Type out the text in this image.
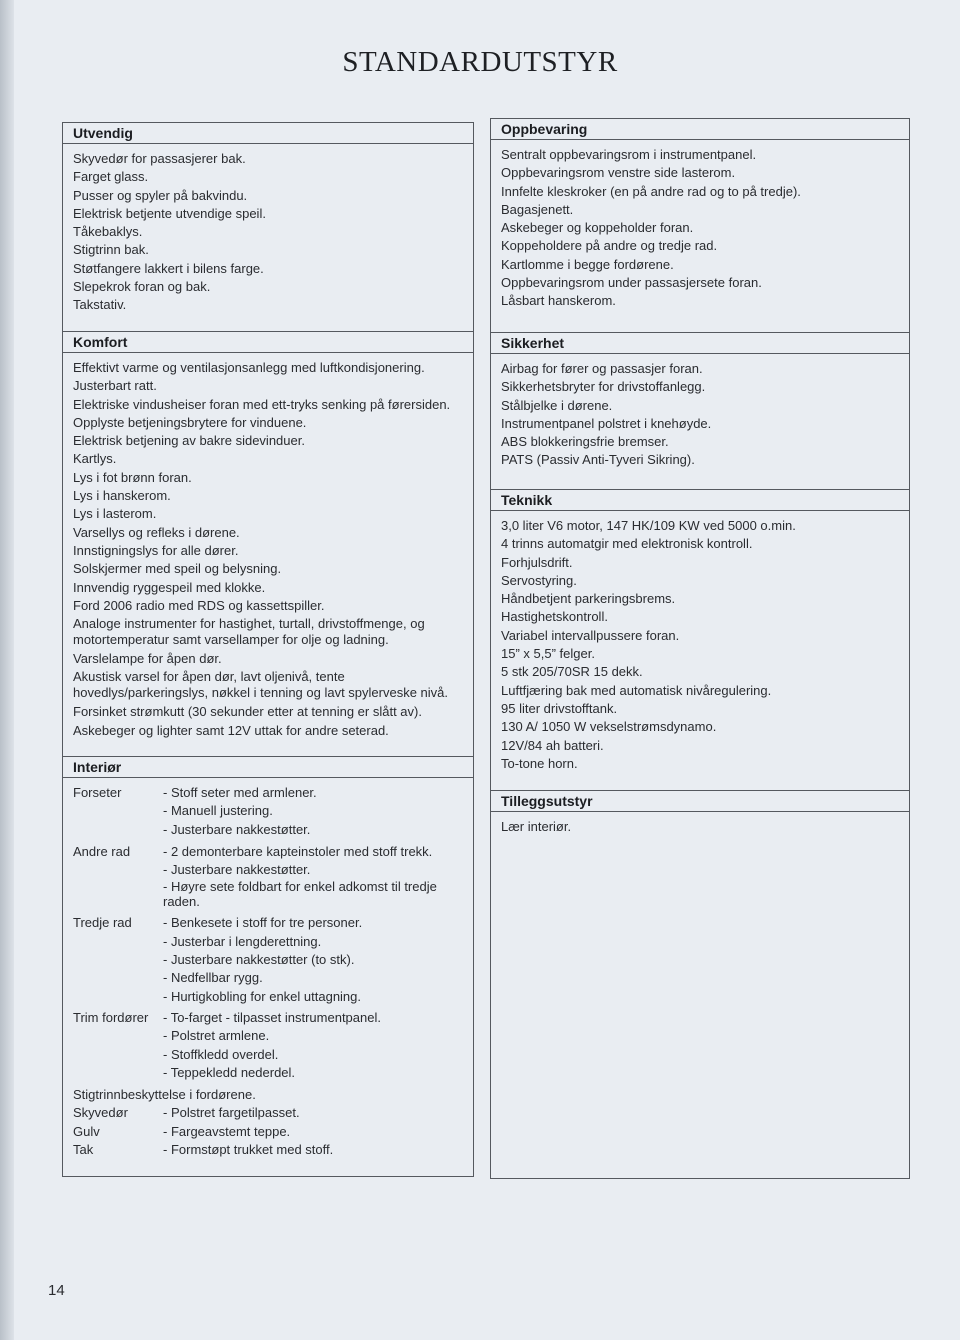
STANDARDUTSTYR
Utvendig
Skyvedør for passasjerer bak.
Farget glass.
Pusser og spyler på bakvindu.
Elektrisk betjente utvendige speil.
Tåkebaklys.
Stigtrinn bak.
Støtfangere lakkert i bilens farge.
Slepekrok foran og bak.
Takstativ.
Komfort
Effektivt varme og ventilasjonsanlegg med luftkondisjonering.
Justerbart ratt.
Elektriske vindusheiser foran med ett-tryks senking på førersiden.
Opplyste betjeningsbrytere for vinduene.
Elektrisk betjening av bakre sidevinduer.
Kartlys.
Lys i fot brønn foran.
Lys i hanskerom.
Lys i lasterom.
Varsellys og refleks i dørene.
Innstigningslys for alle dører.
Solskjermer med speil og belysning.
Innvendig ryggespeil med klokke.
Ford 2006 radio med RDS og kassettspiller.
Analoge instrumenter for hastighet, turtall, drivstoffmenge, og motortemperatur samt varsellamper for olje og ladning.
Varslelampe for åpen dør.
Akustisk varsel for åpen dør, lavt oljenivå, tente hovedlys/parkeringslys, nøkkel i tenning og lavt spylerveske nivå.
Forsinket strømkutt (30 sekunder etter at tenning er slått av).
Askebeger og lighter samt 12V uttak for andre seterad.
Interiør
Forseter	- Stoff seter med armlener.
- Manuell justering.
- Justerbare nakkestøtter.
Andre rad	- 2 demonterbare kapteinstoler med stoff trekk.
- Justerbare nakkestøtter.
- Høyre sete foldbart for enkel adkomst til tredje raden.
Tredje rad	- Benkesete i stoff for tre personer.
- Justerbar i lengderettning.
- Justerbare nakkestøtter (to stk).
- Nedfellbar rygg.
- Hurtigkobling for enkel uttagning.
Trim fordører	- To-farget - tilpasset instrumentpanel.
- Polstret armlene.
- Stoffkledd overdel.
- Teppekledd nederdel.
Stigtrinnbeskyttelse i fordørene.
Skyvedør	- Polstret fargetilpasset.
Gulv	- Fargeavstemt teppe.
Tak	- Formstøpt trukket med stoff.
Oppbevaring
Sentralt oppbevaringsrom i instrumentpanel.
Oppbevaringsrom venstre side lasterom.
Innfelte kleskroker (en på andre rad og to på tredje).
Bagasjenett.
Askebeger og koppeholder foran.
Koppeholdere på andre og tredje rad.
Kartlomme i begge fordørene.
Oppbevaringsrom under passasjersete foran.
Låsbart hanskerom.
Sikkerhet
Airbag for fører og passasjer foran.
Sikkerhetsbryter for drivstoffanlegg.
Stålbjelke i dørene.
Instrumentpanel polstret i knehøyde.
ABS blokkeringsfrie bremser.
PATS (Passiv Anti-Tyveri Sikring).
Teknikk
3,0 liter V6 motor, 147 HK/109 KW ved 5000 o.min.
4 trinns automatgir med elektronisk kontroll.
Forhjulsdrift.
Servostyring.
Håndbetjent parkeringsbrems.
Hastighetskontroll.
Variabel intervallpussere foran.
15” x 5,5” felger.
5 stk 205/70SR 15 dekk.
Luftfjæring bak med automatisk nivåregulering.
95 liter drivstofftank.
130 A/ 1050 W vekselstrømsdynamo.
12V/84 ah batteri.
To-tone horn.
Tilleggsutstyr
Lær interiør.
14
